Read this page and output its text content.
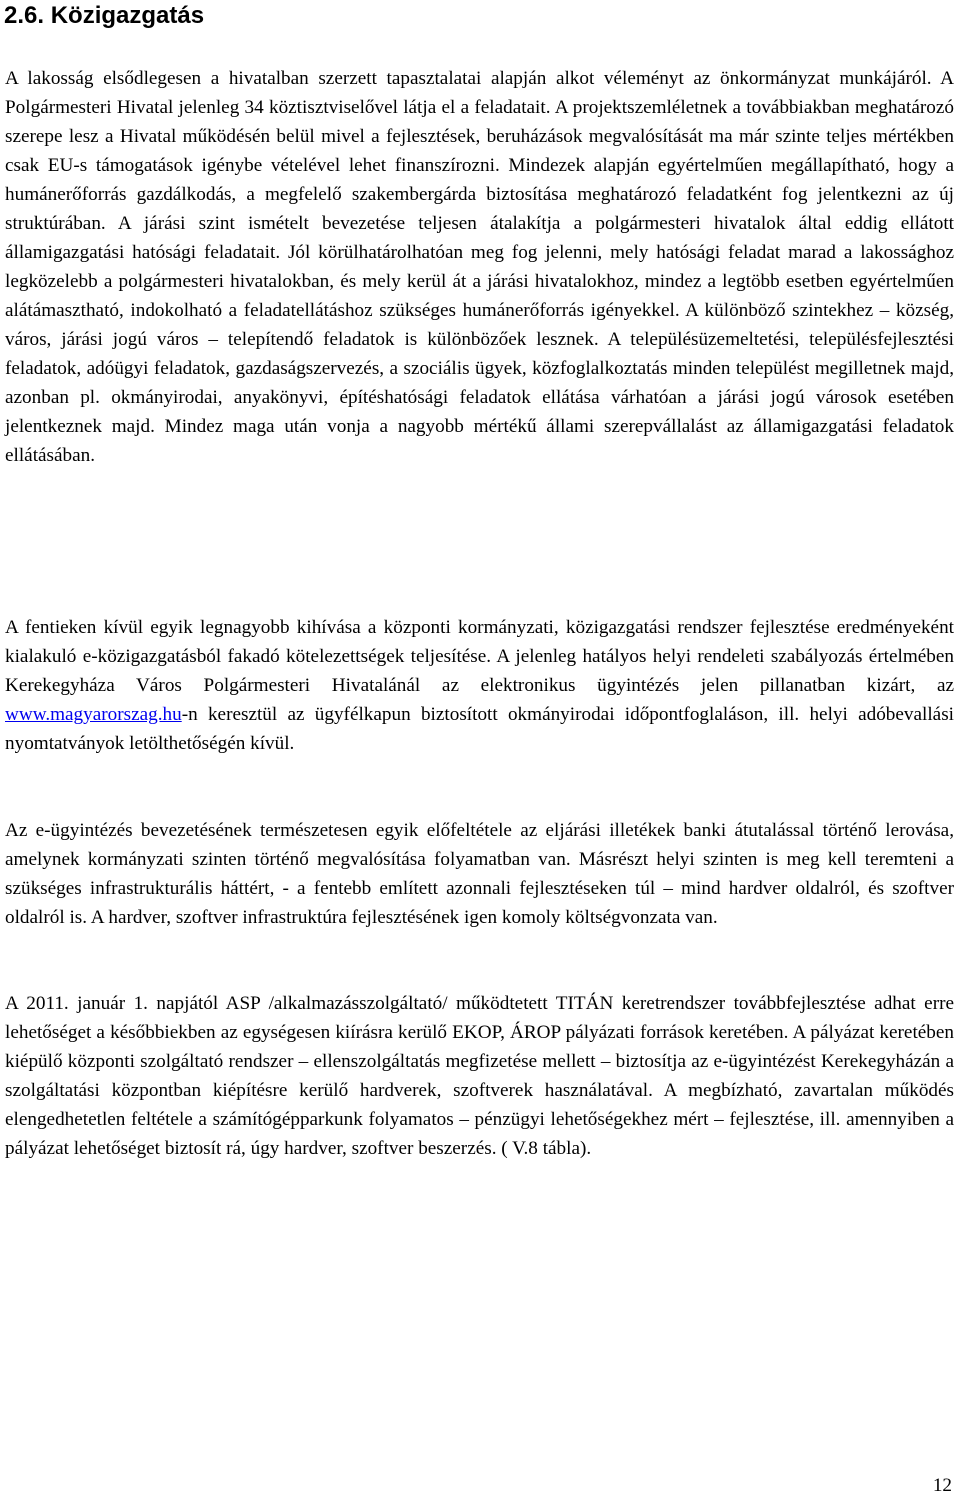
2.6. Közigazgatás

A lakosság elsődlegesen a hivatalban szerzett tapasztalatai alapján alkot véleményt az önkormányzat munkájáról. A Polgármesteri Hivatal jelenleg 34 köztisztviselővel látja el a feladatait. A projektszemléletnek a továbbiakban meghatározó szerepe lesz a Hivatal működésén belül mivel a fejlesztések, beruházások megvalósítását ma már szinte teljes mértékben csak EU-s támogatások igénybe vételével lehet finanszírozni. Mindezek alapján egyértelműen megállapítható, hogy a humánerőforrás gazdálkodás, a megfelelő szakembergárda biztosítása meghatározó feladatként fog jelentkezni az új struktúrában. A járási szint ismételt bevezetése teljesen átalakítja a polgármesteri hivatalok által eddig ellátott államigazgatási hatósági feladatait. Jól körülhatárolhatóan meg fog jelenni, mely hatósági feladat marad a lakossághoz legközelebb a polgármesteri hivatalokban, és mely kerül át a járási hivatalokhoz, mindez a legtöbb esetben egyértelműen alátámasztható, indokolható a feladatellátáshoz szükséges humánerőforrás igényekkel. A különböző szintekhez – község, város, járási jogú város – telepítendő feladatok is különbözőek lesznek. A településüzemeltetési, településfejlesztési feladatok, adóügyi feladatok, gazdaságszervezés, a szociális ügyek, közfoglalkoztatás minden települést megilletnek majd, azonban pl. okmányirodai, anyakönyvi, építéshatósági feladatok ellátása várhatóan a járási jogú városok esetében jelentkeznek majd. Mindez maga után vonja a nagyobb mértékű állami szerepvállalást az államigazgatási feladatok ellátásában.

A fentieken kívül egyik legnagyobb kihívása a központi kormányzati, közigazgatási rendszer fejlesztése eredményeként kialakuló e-közigazgatásból fakadó kötelezettségek teljesítése. A jelenleg hatályos helyi rendeleti szabályozás értelmében Kerekegyháza Város Polgármesteri Hivatalánál az elektronikus ügyintézés jelen pillanatban kizárt, az www.magyarorszag.hu-n keresztül az ügyfélkapun biztosított okmányirodai időpontfoglaláson, ill. helyi adóbevallási nyomtatványok letölthetőségén kívül.

Az e-ügyintézés bevezetésének természetesen egyik előfeltétele az eljárási illetékek banki átutalással történő lerovása, amelynek kormányzati szinten történő megvalósítása folyamatban van. Másrészt helyi szinten is meg kell teremteni a szükséges infrastrukturális háttért, - a fentebb említett azonnali fejlesztéseken túl – mind hardver oldalról, és szoftver oldalról is. A hardver, szoftver infrastruktúra fejlesztésének igen komoly költségvonzata van.

A 2011. január 1. napjától ASP /alkalmazásszolgáltató/ működtetett TITÁN keretrendszer továbbfejlesztése adhat erre lehetőséget a későbbiekben az egységesen kiírásra kerülő EKOP, ÁROP pályázati források keretében. A pályázat keretében kiépülő központi szolgáltató rendszer – ellenszolgáltatás megfizetése mellett – biztosítja az e-ügyintézést Kerekegyházán a szolgáltatási központban kiépítésre kerülő hardverek, szoftverek használatával. A megbízható, zavartalan működés elengedhetetlen feltétele a számítógépparkunk folyamatos – pénzügyi lehetőségekhez mért – fejlesztése, ill. amennyiben a pályázat lehetőséget biztosít rá, úgy hardver, szoftver beszerzés. ( V.8 tábla).

12
